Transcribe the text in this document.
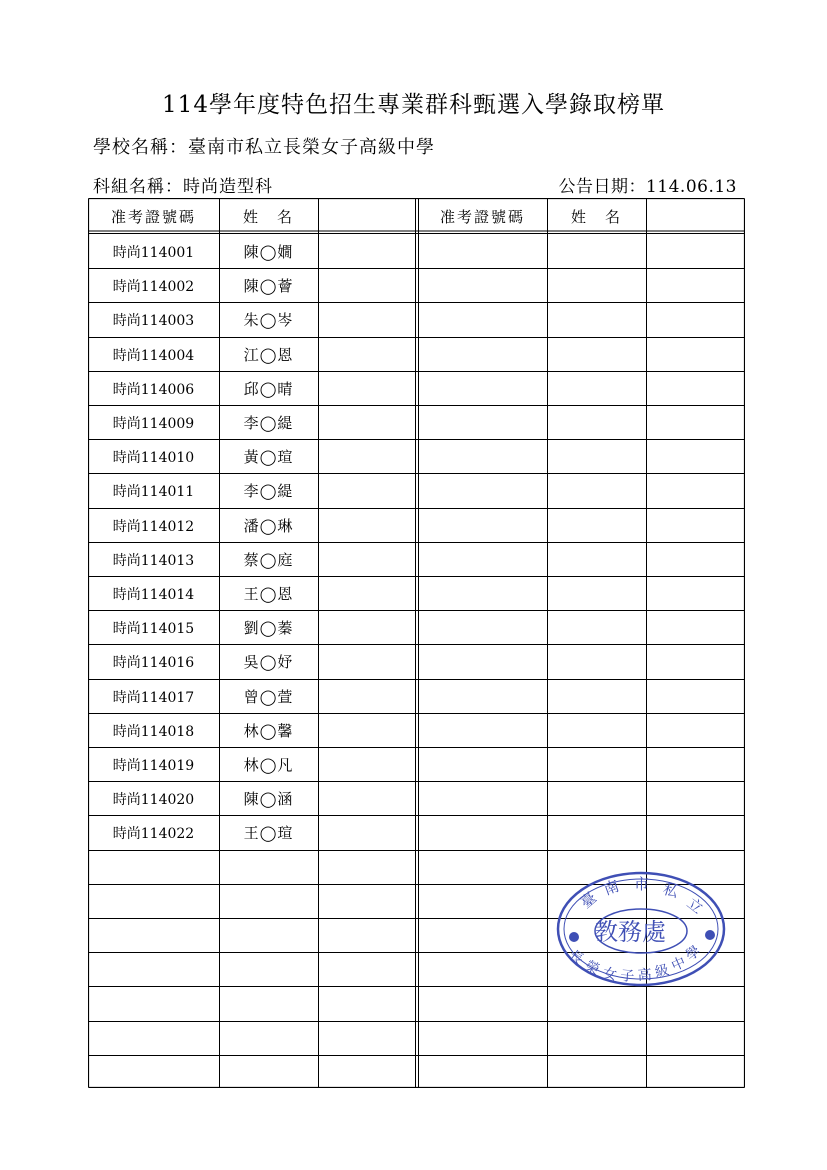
114學年度特色招生專業群科甄選入學錄取榜單
學校名稱：臺南市私立長榮女子高級中學
科組名稱：時尚造型科	公告日期：114.06.13
准考證號碼	姓　名	准考證號碼	姓　名
時尚114001	陳◯嫺
時尚114002	陳◯薈
時尚114003	朱◯岑
時尚114004	江◯恩
時尚114006	邱◯晴
時尚114009	李◯緹
時尚114010	黃◯瑄
時尚114011	李◯緹
時尚114012	潘◯琳
時尚114013	蔡◯庭
時尚114014	王◯恩
時尚114015	劉◯蓁
時尚114016	吳◯妤
時尚114017	曾◯萱
時尚114018	林◯馨
時尚114019	林◯凡
時尚114020	陳◯涵
時尚114022	王◯瑄
臺
南 市 私
立
教務處
長
榮 女 子 高 級
中
學
